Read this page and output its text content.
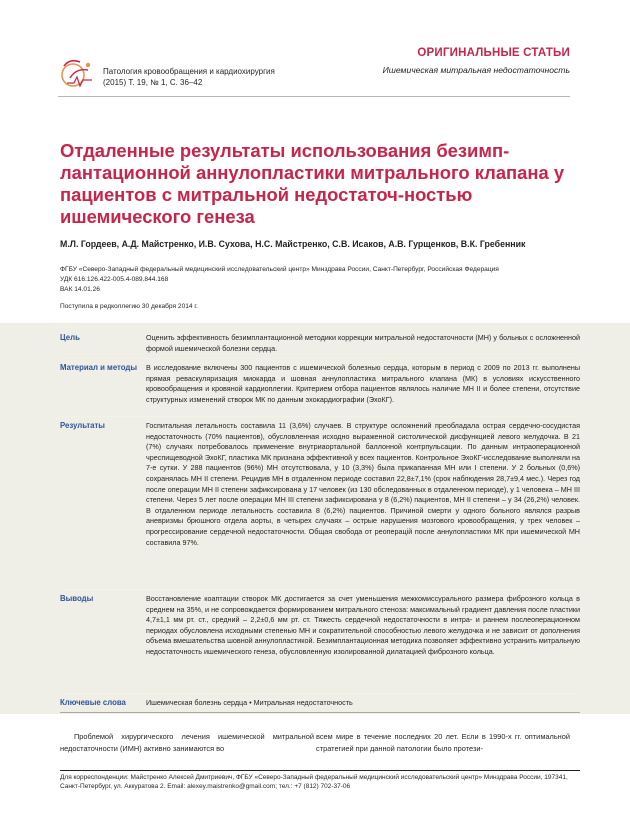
Патология кровообращения и кардиохирургия
(2015) Т. 19, № 1, С. 36–42
ОРИГИНАЛЬНЫЕ СТАТЬИ
Ишемическая митральная недостаточность
Отдаленные результаты использования безимп-лантационной аннулопластики митрального клапана у пациентов с митральной недостаточ-ностью ишемического генеза
М.Л. Гордеев, А.Д. Майстренко, И.В. Сухова, Н.С. Майстренко, С.В. Исаков, А.В. Гурщенков, В.К. Гребенник

ФГБУ «Северо-Западный федеральный медицинский исследовательский центр» Минздрава России, Санкт-Петербург, Российская Федерация

УДК 616.126.422-005.4-089.844.168

ВАК 14.01.26

Поступила в редколлегию 30 декабря 2014 г.

Цель	Оценить эффективность безимплантационной методики коррекции митральной недостаточности (МН) у больных с осложненной формой ишемической болезни сердца.
Материал и методы	В исследование включены 300 пациентов с ишемической болезнью сердца, которым в период с 2009 по 2013 гг. выполнены прямая реваскуляризация миокарда и шовная аннулопластика митрального клапана (МК) в условиях искусственного кровообращения и кровяной кардиоплегии. Критерием отбора пациентов являлось наличие МН II и более степени, отсутствие структурных изменений створок МК по данным эхокардиографии (ЭхоКГ).
Результаты	Госпитальная летальность составила 11 (3,6%) случаев. В структуре осложнений преобладала острая сердечно-сосудистая недостаточность (70% пациентов), обусловленная исходно выраженной систолической дисфункцией левого желудочка. В 21 (7%) случаях потребовалось применение внутриаортальной баллонной контрпульсации. По данным интраоперационной чреспищеводной ЭхоКГ, пластика МК признана эффективной у всех пациентов. Контрольное ЭхоКГ-исследование выполняли на 7-е сутки. У 288 пациентов (96%) МН отсутствовала, у 10 (3,3%) была прикапанная МН или I степени. У 2 больных (0,6%) сохранялась МН II степени. Рецидив МН в отдаленном периоде составил 22,8±7,1% (срок наблюдения 28,7±9,4 мес.). Через год после операции МН II степени зафиксирована у 17 человек (из 130 обследованных в отдаленном периоде), у 1 человека – МН III степени. Через 5 лет после операции МН III степени зафиксирована у 8 (6,2%) пациентов, МН II степени – у 34 (26,2%) человек. В отдаленном периоде летальность составила 8 (6,2%) пациентов. Причиной смерти у одного больного являлся разрыв аневризмы брюшного отдела аорты, в четырех случаях – острые нарушения мозгового кровообращения, у трех человек – прогрессирование сердечной недостаточности. Общая свобода от реоперацій после аннулопластики МК при ишемической МН составила 97%.
Выводы	Восстановление коаптации створок МК достигается за счет уменьшения межкомиссурального размера фиброзного кольца в среднем на 35%, и не сопровождается формированием митрального стеноза: максимальный градиент давления после пластики 4,7±1,1 мм рт. ст., средний – 2,2±0,6 мм рт. ст. Тяжесть сердечной недостаточности в интра- и раннем послеоперационном периодах обусловлена исходными степенью МН и сократительной способностью левого желудочка и не зависит от дополнения объема вмешательства шовной аннулопластикой. Безимплантационная методика позволяет эффективно устранить митральную недостаточность ишемического генеза, обусловленную изолированной дилатацией фиброзного кольца.
Ключевые слова	Ишемическая болезнь сердца • Митральная недостаточность

Проблемой хирургического лечения ишемической митральной недостаточности (ИМН) активно занимаются во

всем мире в течение последних 20 лет. Если в 1990-х гг. оптимальной стратегией при данной патологии было протези-

Для корреспонденции: Майстренко Алексей Дмитриевич, ФГБУ «Северо-Западный федеральный медицинский исследовательский центр» Минздрава России, 197341, Санкт-Петербург, ул. Аккуратова 2. Email: alexey.maistrenko@gmail.com; тел.: +7 (812) 702-37-06
